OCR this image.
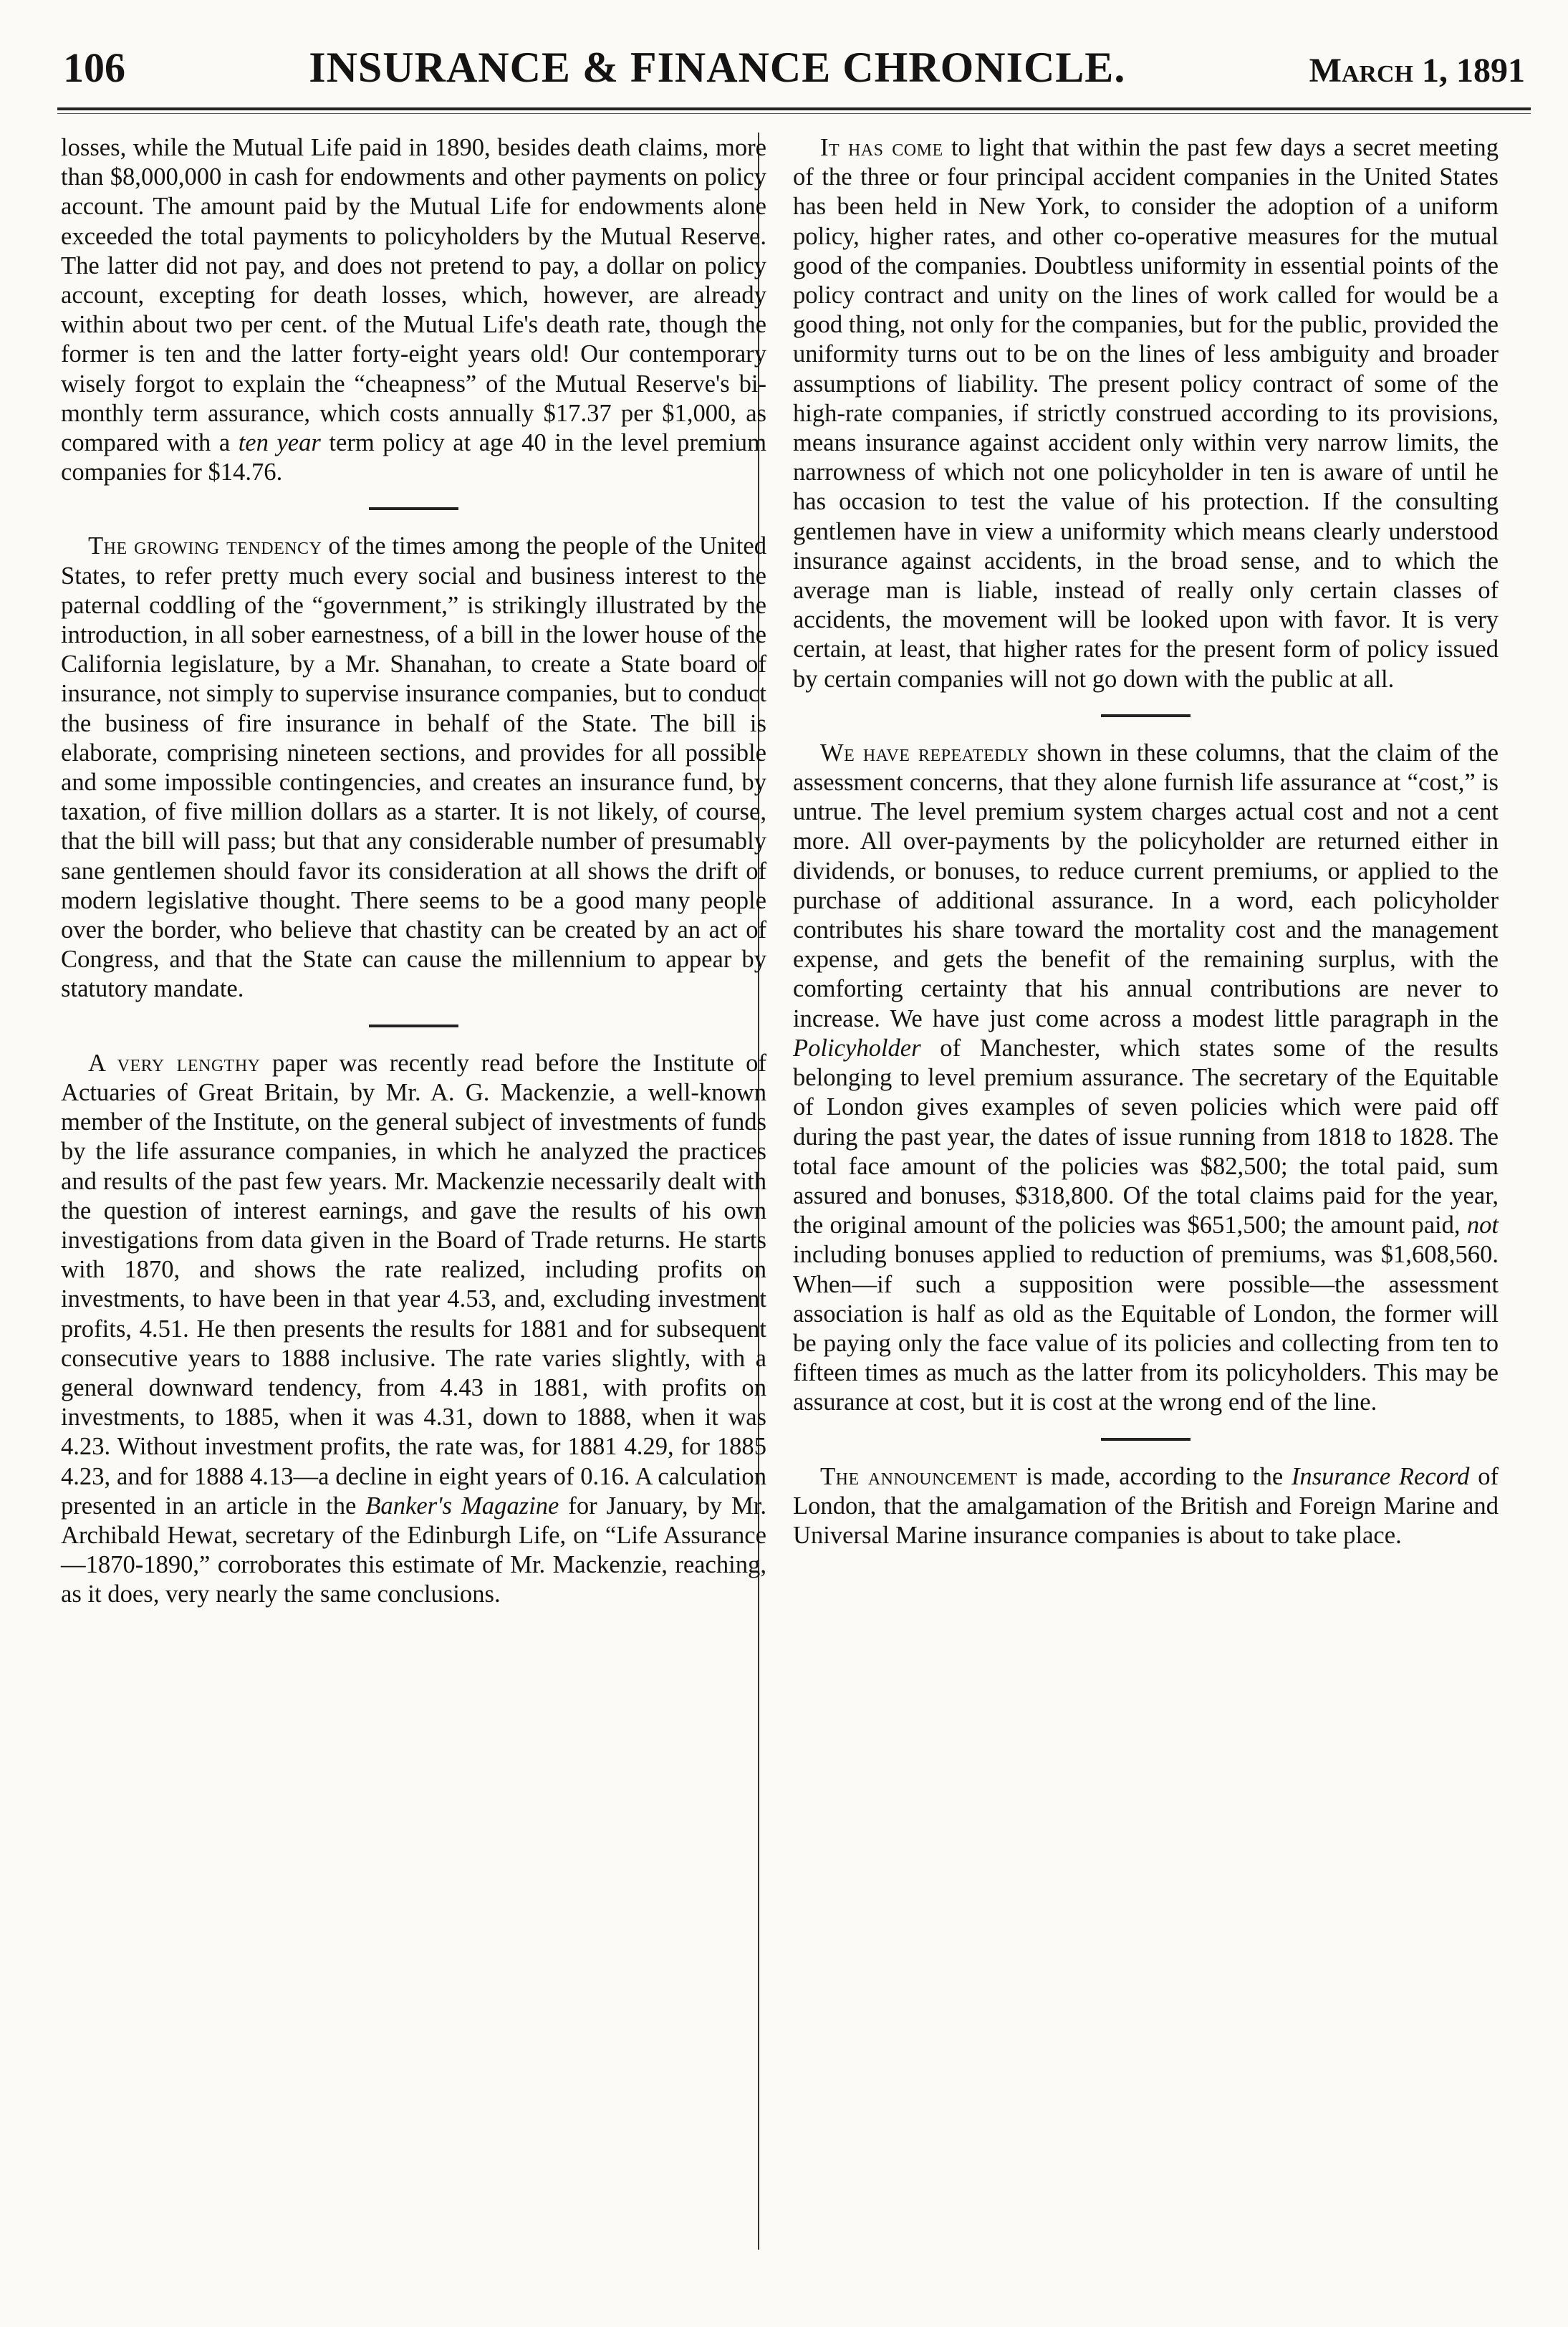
106	INSURANCE & FINANCE CHRONICLE.	March 1, 1891

losses, while the Mutual Life paid in 1890, besides death claims, more than $8,000,000 in cash for endowments and other payments on policy account. The amount paid by the Mutual Life for endowments alone exceeded the total payments to policyholders by the Mutual Reserve. The latter did not pay, and does not pretend to pay, a dollar on policy account, excepting for death losses, which, however, are already within about two per cent. of the Mutual Life's death rate, though the former is ten and the latter forty-eight years old! Our contemporary wisely forgot to explain the “cheapness” of the Mutual Reserve's bi-monthly term assurance, which costs annually $17.37 per $1,000, as compared with a ten year term policy at age 40 in the level premium companies for $14.76.

The growing tendency of the times among the people of the United States, to refer pretty much every social and business interest to the paternal coddling of the “government,” is strikingly illustrated by the introduction, in all sober earnestness, of a bill in the lower house of the California legislature, by a Mr. Shanahan, to create a State board of insurance, not simply to supervise insurance companies, but to conduct the business of fire insurance in behalf of the State. The bill is elaborate, comprising nineteen sections, and provides for all possible and some impossible contingencies, and creates an insurance fund, by taxation, of five million dollars as a starter. It is not likely, of course, that the bill will pass; but that any considerable number of presumably sane gentlemen should favor its consideration at all shows the drift of modern legislative thought. There seems to be a good many people over the border, who believe that chastity can be created by an act of Congress, and that the State can cause the millennium to appear by statutory mandate.

A very lengthy paper was recently read before the Institute of Actuaries of Great Britain, by Mr. A. G. Mackenzie, a well-known member of the Institute, on the general subject of investments of funds by the life assurance companies, in which he analyzed the practices and results of the past few years. Mr. Mackenzie necessarily dealt with the question of interest earnings, and gave the results of his own investigations from data given in the Board of Trade returns. He starts with 1870, and shows the rate realized, including profits on investments, to have been in that year 4.53, and, excluding investment profits, 4.51. He then presents the results for 1881 and for subsequent consecutive years to 1888 inclusive. The rate varies slightly, with a general downward tendency, from 4.43 in 1881, with profits on investments, to 1885, when it was 4.31, down to 1888, when it was 4.23. Without investment profits, the rate was, for 1881 4.29, for 1885 4.23, and for 1888 4.13—a decline in eight years of 0.16. A calculation presented in an article in the Banker's Magazine for January, by Mr. Archibald Hewat, secretary of the Edinburgh Life, on “Life Assurance—1870-1890,” corroborates this estimate of Mr. Mackenzie, reaching, as it does, very nearly the same conclusions.

It has come to light that within the past few days a secret meeting of the three or four principal accident companies in the United States has been held in New York, to consider the adoption of a uniform policy, higher rates, and other co-operative measures for the mutual good of the companies. Doubtless uniformity in essential points of the policy contract and unity on the lines of work called for would be a good thing, not only for the companies, but for the public, provided the uniformity turns out to be on the lines of less ambiguity and broader assumptions of liability. The present policy contract of some of the high-rate companies, if strictly construed according to its provisions, means insurance against accident only within very narrow limits, the narrowness of which not one policyholder in ten is aware of until he has occasion to test the value of his protection. If the consulting gentlemen have in view a uniformity which means clearly understood insurance against accidents, in the broad sense, and to which the average man is liable, instead of really only certain classes of accidents, the movement will be looked upon with favor. It is very certain, at least, that higher rates for the present form of policy issued by certain companies will not go down with the public at all.

We have repeatedly shown in these columns, that the claim of the assessment concerns, that they alone furnish life assurance at “cost,” is untrue. The level premium system charges actual cost and not a cent more. All over-payments by the policyholder are returned either in dividends, or bonuses, to reduce current premiums, or applied to the purchase of additional assurance. In a word, each policyholder contributes his share toward the mortality cost and the management expense, and gets the benefit of the remaining surplus, with the comforting certainty that his annual contributions are never to increase. We have just come across a modest little paragraph in the Policyholder of Manchester, which states some of the results belonging to level premium assurance. The secretary of the Equitable of London gives examples of seven policies which were paid off during the past year, the dates of issue running from 1818 to 1828. The total face amount of the policies was $82,500; the total paid, sum assured and bonuses, $318,800. Of the total claims paid for the year, the original amount of the policies was $651,500; the amount paid, not including bonuses applied to reduction of premiums, was $1,608,560. When—if such a supposition were possible—the assessment association is half as old as the Equitable of London, the former will be paying only the face value of its policies and collecting from ten to fifteen times as much as the latter from its policyholders. This may be assurance at cost, but it is cost at the wrong end of the line.

The announcement is made, according to the Insurance Record of London, that the amalgamation of the British and Foreign Marine and Universal Marine insurance companies is about to take place.
